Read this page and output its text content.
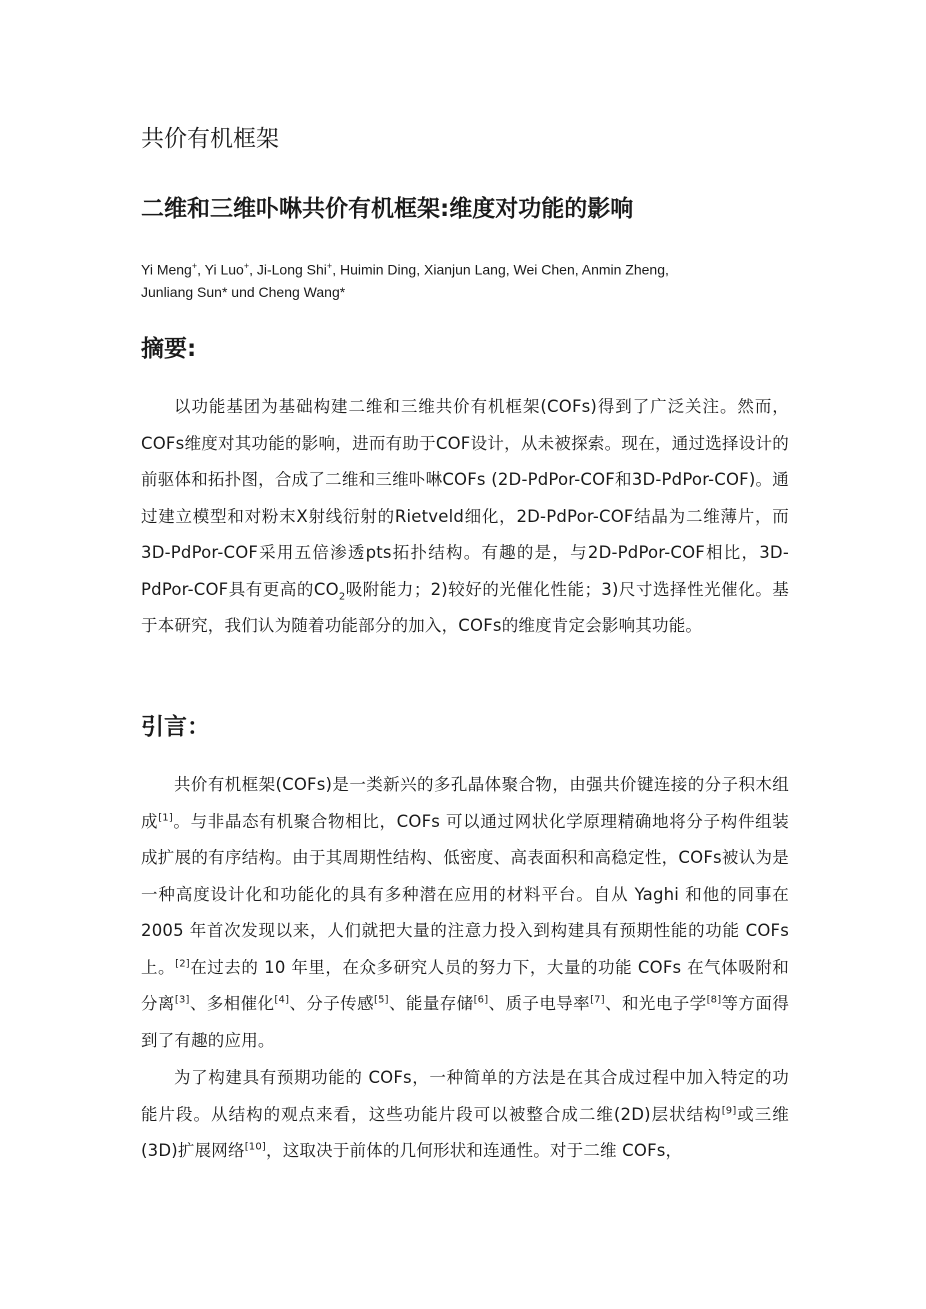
共价有机框架
二维和三维卟啉共价有机框架:维度对功能的影响
Yi Meng+, Yi Luo+, Ji-Long Shi+, Huimin Ding, Xianjun Lang, Wei Chen, Anmin Zheng,
Junliang Sun* und Cheng Wang*
摘要:
以功能基团为基础构建二维和三维共价有机框架(COFs)得到了广泛关注。然而，COFs维度对其功能的影响，进而有助于COF设计，从未被探索。现在，通过选择设计的前驱体和拓扑图，合成了二维和三维卟啉COFs (2D-PdPor-COF和3D-PdPor-COF)。通过建立模型和对粉末X射线衍射的Rietveld细化，2D-PdPor-COF结晶为二维薄片，而3D-PdPor-COF采用五倍渗透pts拓扑结构。有趣的是，与2D-PdPor-COF相比，3D-PdPor-COF具有更高的$CO_2$吸附能力；2)较好的光催化性能；3)尺寸选择性光催化。基于本研究，我们认为随着功能部分的加入，COFs的维度肯定会影响其功能。
引言：
共价有机框架(COFs)是一类新兴的多孔晶体聚合物，由强共价键连接的分子积木组成[1]。与非晶态有机聚合物相比，COFs 可以通过网状化学原理精确地将分子构件组装成扩展的有序结构。由于其周期性结构、低密度、高表面积和高稳定性，COFs被认为是一种高度设计化和功能化的具有多种潜在应用的材料平台。自从 Yaghi 和他的同事在 2005 年首次发现以来，人们就把大量的注意力投入到构建具有预期性能的功能 COFs 上。[2]在过去的 10 年里，在众多研究人员的努力下，大量的功能 COFs 在气体吸附和分离[3]、多相催化[4]、分子传感[5]、能量存储[6]、质子电导率[7]、和光电子学[8]等方面得到了有趣的应用。
为了构建具有预期功能的 COFs，一种简单的方法是在其合成过程中加入特定的功能片段。从结构的观点来看，这些功能片段可以被整合成二维(2D)层状结构[9]或三维(3D)扩展网络[10]，这取决于前体的几何形状和连通性。对于二维 COFs，
